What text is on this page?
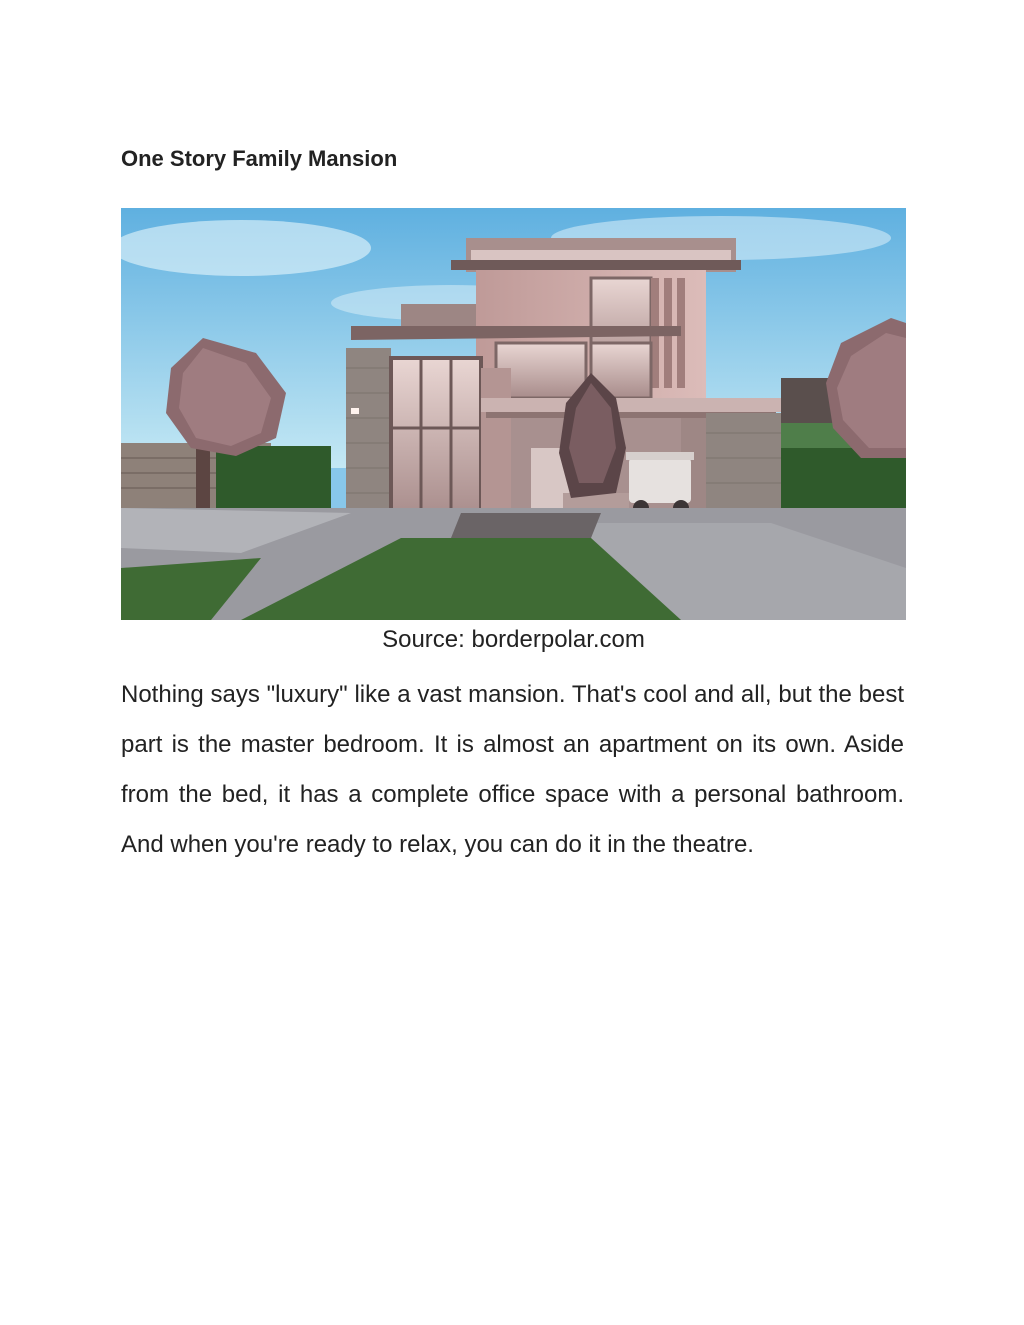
One Story Family Mansion
Source: borderpolar.com

Nothing says "luxury" like a vast mansion. That's cool and all, but the best part is the master bedroom. It is almost an apartment on its own. Aside from the bed, it has a complete office space with a personal bathroom. And when you're ready to relax, you can do it in the theatre.
